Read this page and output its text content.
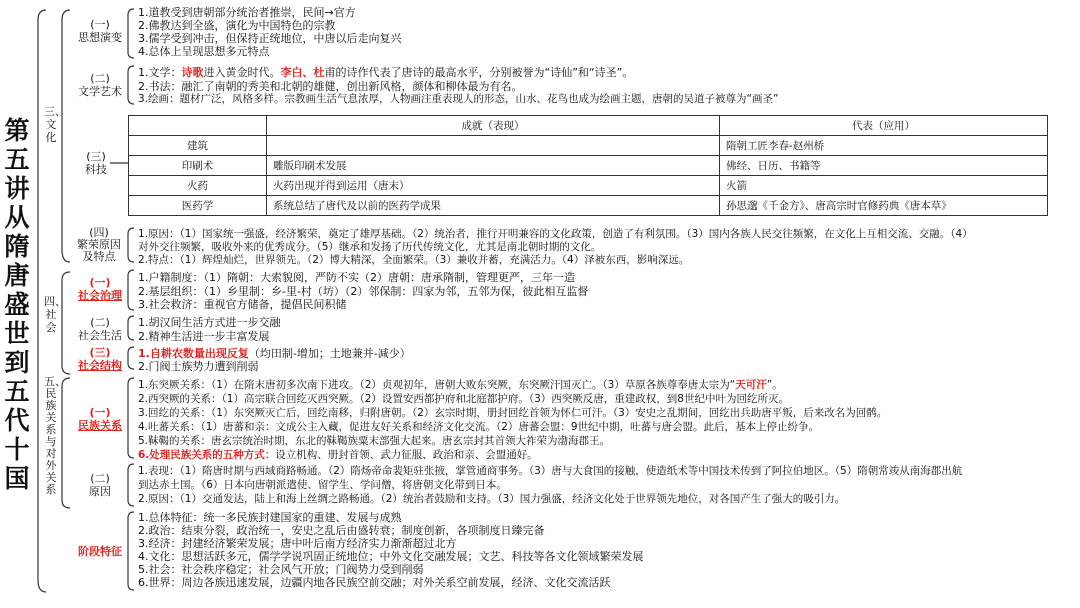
第五讲 从隋唐盛世到五代十国
三、文化
四、社会
五、民族关系与对外关系
(一)
思想演变
1.道教受到唐朝部分统治者推崇，民间→官方
2.佛教达到全盛，演化为中国特色的宗教
3.儒学受到冲击，但保持正统地位，中唐以后走向复兴
4.总体上呈现思想多元特点
(二)
文学艺术
1.文学：诗歌进入黄金时代。李白、杜甫的诗作代表了唐诗的最高水平，分别被誉为“诗仙”和“诗圣”。
2.书法：融汇了南朝的秀美和北朝的雄健，创出新风格，颜体和柳体最为有名。
3.绘画：题材广泛，风格多样。宗教画生活气息浓厚，人物画注重表现人的形态，山水、花鸟也成为绘画主题，唐朝的吴道子被尊为“画圣”
(三)
科技
	成就（表现）	代表（应用）
建筑		隋朝工匠李春-赵州桥
印刷术	雕版印刷术发展	佛经、日历、书籍等
火药	火药出现并得到运用（唐末）	火箭
医药学	系统总结了唐代及以前的医药学成果	孙思邈《千金方》、唐高宗时官修药典《唐本草》
(四)
繁荣原因
及特点
1.原因：（1）国家统一强盛，经济繁荣，奠定了雄厚基础。（2）统治者，推行开明兼容的文化政策，创造了有利氛围。（3）国内各族人民交往频繁，在文化上互相交流、交融。（4）
对外交往频繁，吸收外来的优秀成分。（5）继承和发扬了历代传统文化，尤其是南北朝时期的文化。
2.特点：（1）辉煌灿烂，世界领先。（2）博大精深，全面繁荣。（3）兼收并蓄，充满活力。（4）泽被东西，影响深远。
(一)
社会治理
1.户籍制度：（1）隋朝：大索貌阅，严防不实（2）唐朝：唐承隋制，管理更严，三年一造
2.基层组织：（1）乡里制：乡-里-村（坊）（2）邻保制：四家为邻，五邻为保，彼此相互监督
3.社会救济：重视官方储备，提倡民间积储
(二)
社会生活
1.胡汉间生活方式进一步交融
2.精神生活进一步丰富发展
(三)
社会结构
1.自耕农数量出现反复（均田制-增加；土地兼并-减少）
2.门阀士族势力遭到削弱
(一)
民族关系
1.东突厥关系：（1）在隋末唐初多次南下进攻。（2）贞观初年，唐朝大败东突厥，东突厥汗国灭亡。（3）草原各族尊奉唐太宗为“天可汗”。
2.西突厥的关系：（1）高宗联合回纥灭西突厥。（2）设置安西都护府和北庭都护府。（3）西突厥反唐，重建政权，到8世纪中叶为回纥所灭。
3.回纥的关系：（1）东突厥灭亡后，回纥南移，归附唐朝。（2）玄宗时期，册封回纥首领为怀仁可汗。（3）安史之乱期间，回纥出兵助唐平叛，后来改名为回鹘。
4.吐蕃关系：（1）唐蕃和亲：文成公主入藏，促进友好关系和经济文化交流。（2）唐蕃会盟：9世纪中期，吐蕃与唐会盟。此后，基本上停止纷争。
5.靺鞨的关系：唐玄宗统治时期，东北的靺鞨族粟末部强大起来。唐玄宗封其首领大祚荣为渤海郡王。
6.处理民族关系的五种方式：设立机构、册封首领、武力征服、政治和亲、会盟通好。
(二)
原因
1.表现：（1）隋唐时期与西域商路畅通。（2）隋炀帝命裴矩驻张掖，掌管通商事务。（3）唐与大食国的接触，使造纸术等中国技术传到了阿拉伯地区。（5）隋朝常竣从南海郡出航
到达赤土国。（6）日本向唐朝派遣使、留学生、学问僧，将唐朝文化带到日本。
2.原因：（1）交通发达，陆上和海上丝绸之路畅通。（2）统治者鼓励和支持。（3）国力强盛，经济文化处于世界领先地位，对各国产生了强大的吸引力。
阶段特征
1.总体特征：统一多民族封建国家的重建、发展与成熟
2.政治：结束分裂，政治统一，安史之乱后由盛转衰；制度创新，各项制度日臻完备
3.经济：封建经济繁荣发展；唐中叶后南方经济实力渐渐超过北方
4.文化：思想活跃多元，儒学学说巩固正统地位；中外文化交融发展；文艺、科技等各文化领域繁荣发展
5.社会：社会秩序稳定；社会风气开放；门阀势力受到削弱
6.世界：周边各族迅速发展，边疆内地各民族空前交融；对外关系空前发展，经济、文化交流活跃
